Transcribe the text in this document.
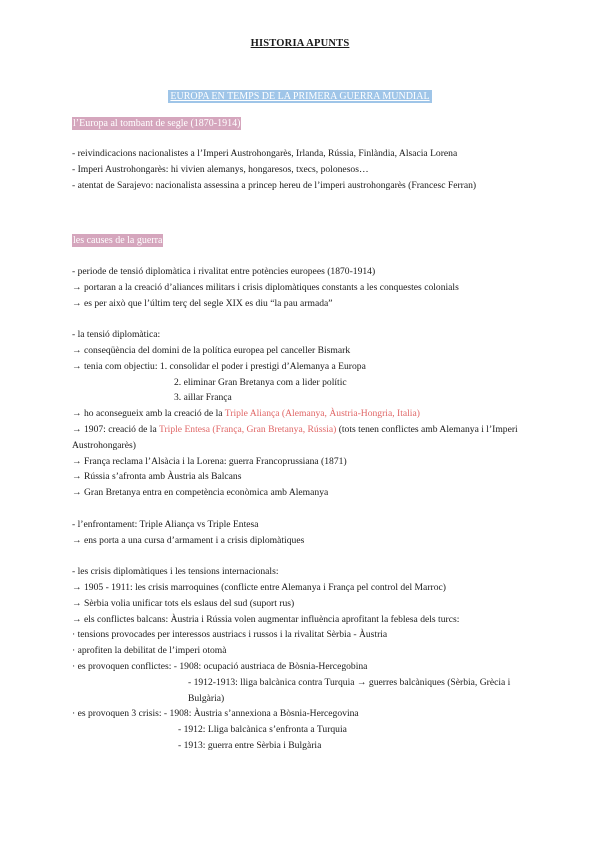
HISTORIA APUNTS
EUROPA EN TEMPS DE LA PRIMERA GUERRA MUNDIAL
l’Europa al tombant de segle (1870-1914)
- reivindicacions nacionalistes a l’Imperi Austrohongarès, Irlanda, Rússia, Finlàndia, Alsacia Lorena
- Imperi Austrohongarès: hi vivien alemanys, hongaresos, txecs, polonesos…
- atentat de Sarajevo: nacionalista assessina a princep hereu de l’imperi austrohongarès (Francesc Ferran)
les causes de la guerra
- periode de tensió diplomàtica i rivalitat entre potències europees (1870-1914)
→ portaran a la creació d’aliances militars i crisis diplomàtiques constants a les conquestes colonials
→ es per això que l’últim terç del segle XIX es diu “la pau armada”
- la tensió diplomàtica:
→ conseqüència del domini de la política europea pel canceller Bismark
→ tenia com objectiu: 1. consolidar el poder i prestigi d’Alemanya a Europa
2. eliminar Gran Bretanya com a lider polític
3. aillar França
→ ho aconsegueix amb la creació de la Triple Aliança (Alemanya, Àustria-Hongria, Italia)
→ 1907: creació de la Triple Entesa (França, Gran Bretanya, Rússia) (tots tenen conflictes amb Alemanya i l’Imperi Austrohongarès)
→ França reclama l’Alsàcia i la Lorena: guerra Francoprussiana (1871)
→ Rússia s’afronta amb Àustria als Balcans
→ Gran Bretanya entra en competència econòmica amb Alemanya
- l’enfrontament: Triple Aliança vs Triple Entesa
→ ens porta a una cursa d’armament i a crisis diplomàtiques
- les crisis diplomàtiques i les tensions internacionals:
→ 1905 - 1911: les crisis marroquines (conflicte entre Alemanya i França pel control del Marroc)
→ Sèrbia volia unificar tots els eslaus del sud (suport rus)
→ els conflictes balcans: Àustria i Rússia volen augmentar influència aprofitant la feblesa dels turcs:
· tensions provocades per interessos austriacs i russos i la rivalitat Sèrbia - Àustria
· aprofiten la debilitat de l’imperi otomà
· es provoquen conflictes: - 1908: ocupació austriaca de Bòsnia-Hercegobina
- 1912-1913: lliga balcànica contra Turquia → guerres balcàniques (Sèrbia, Grècia i Bulgària)
· es provoquen 3 crisis: - 1908: Àustria s’annexiona a Bòsnia-Hercegovina
- 1912: Lliga balcànica s’enfronta a Turquia
- 1913: guerra entre Sèrbia i Bulgària
